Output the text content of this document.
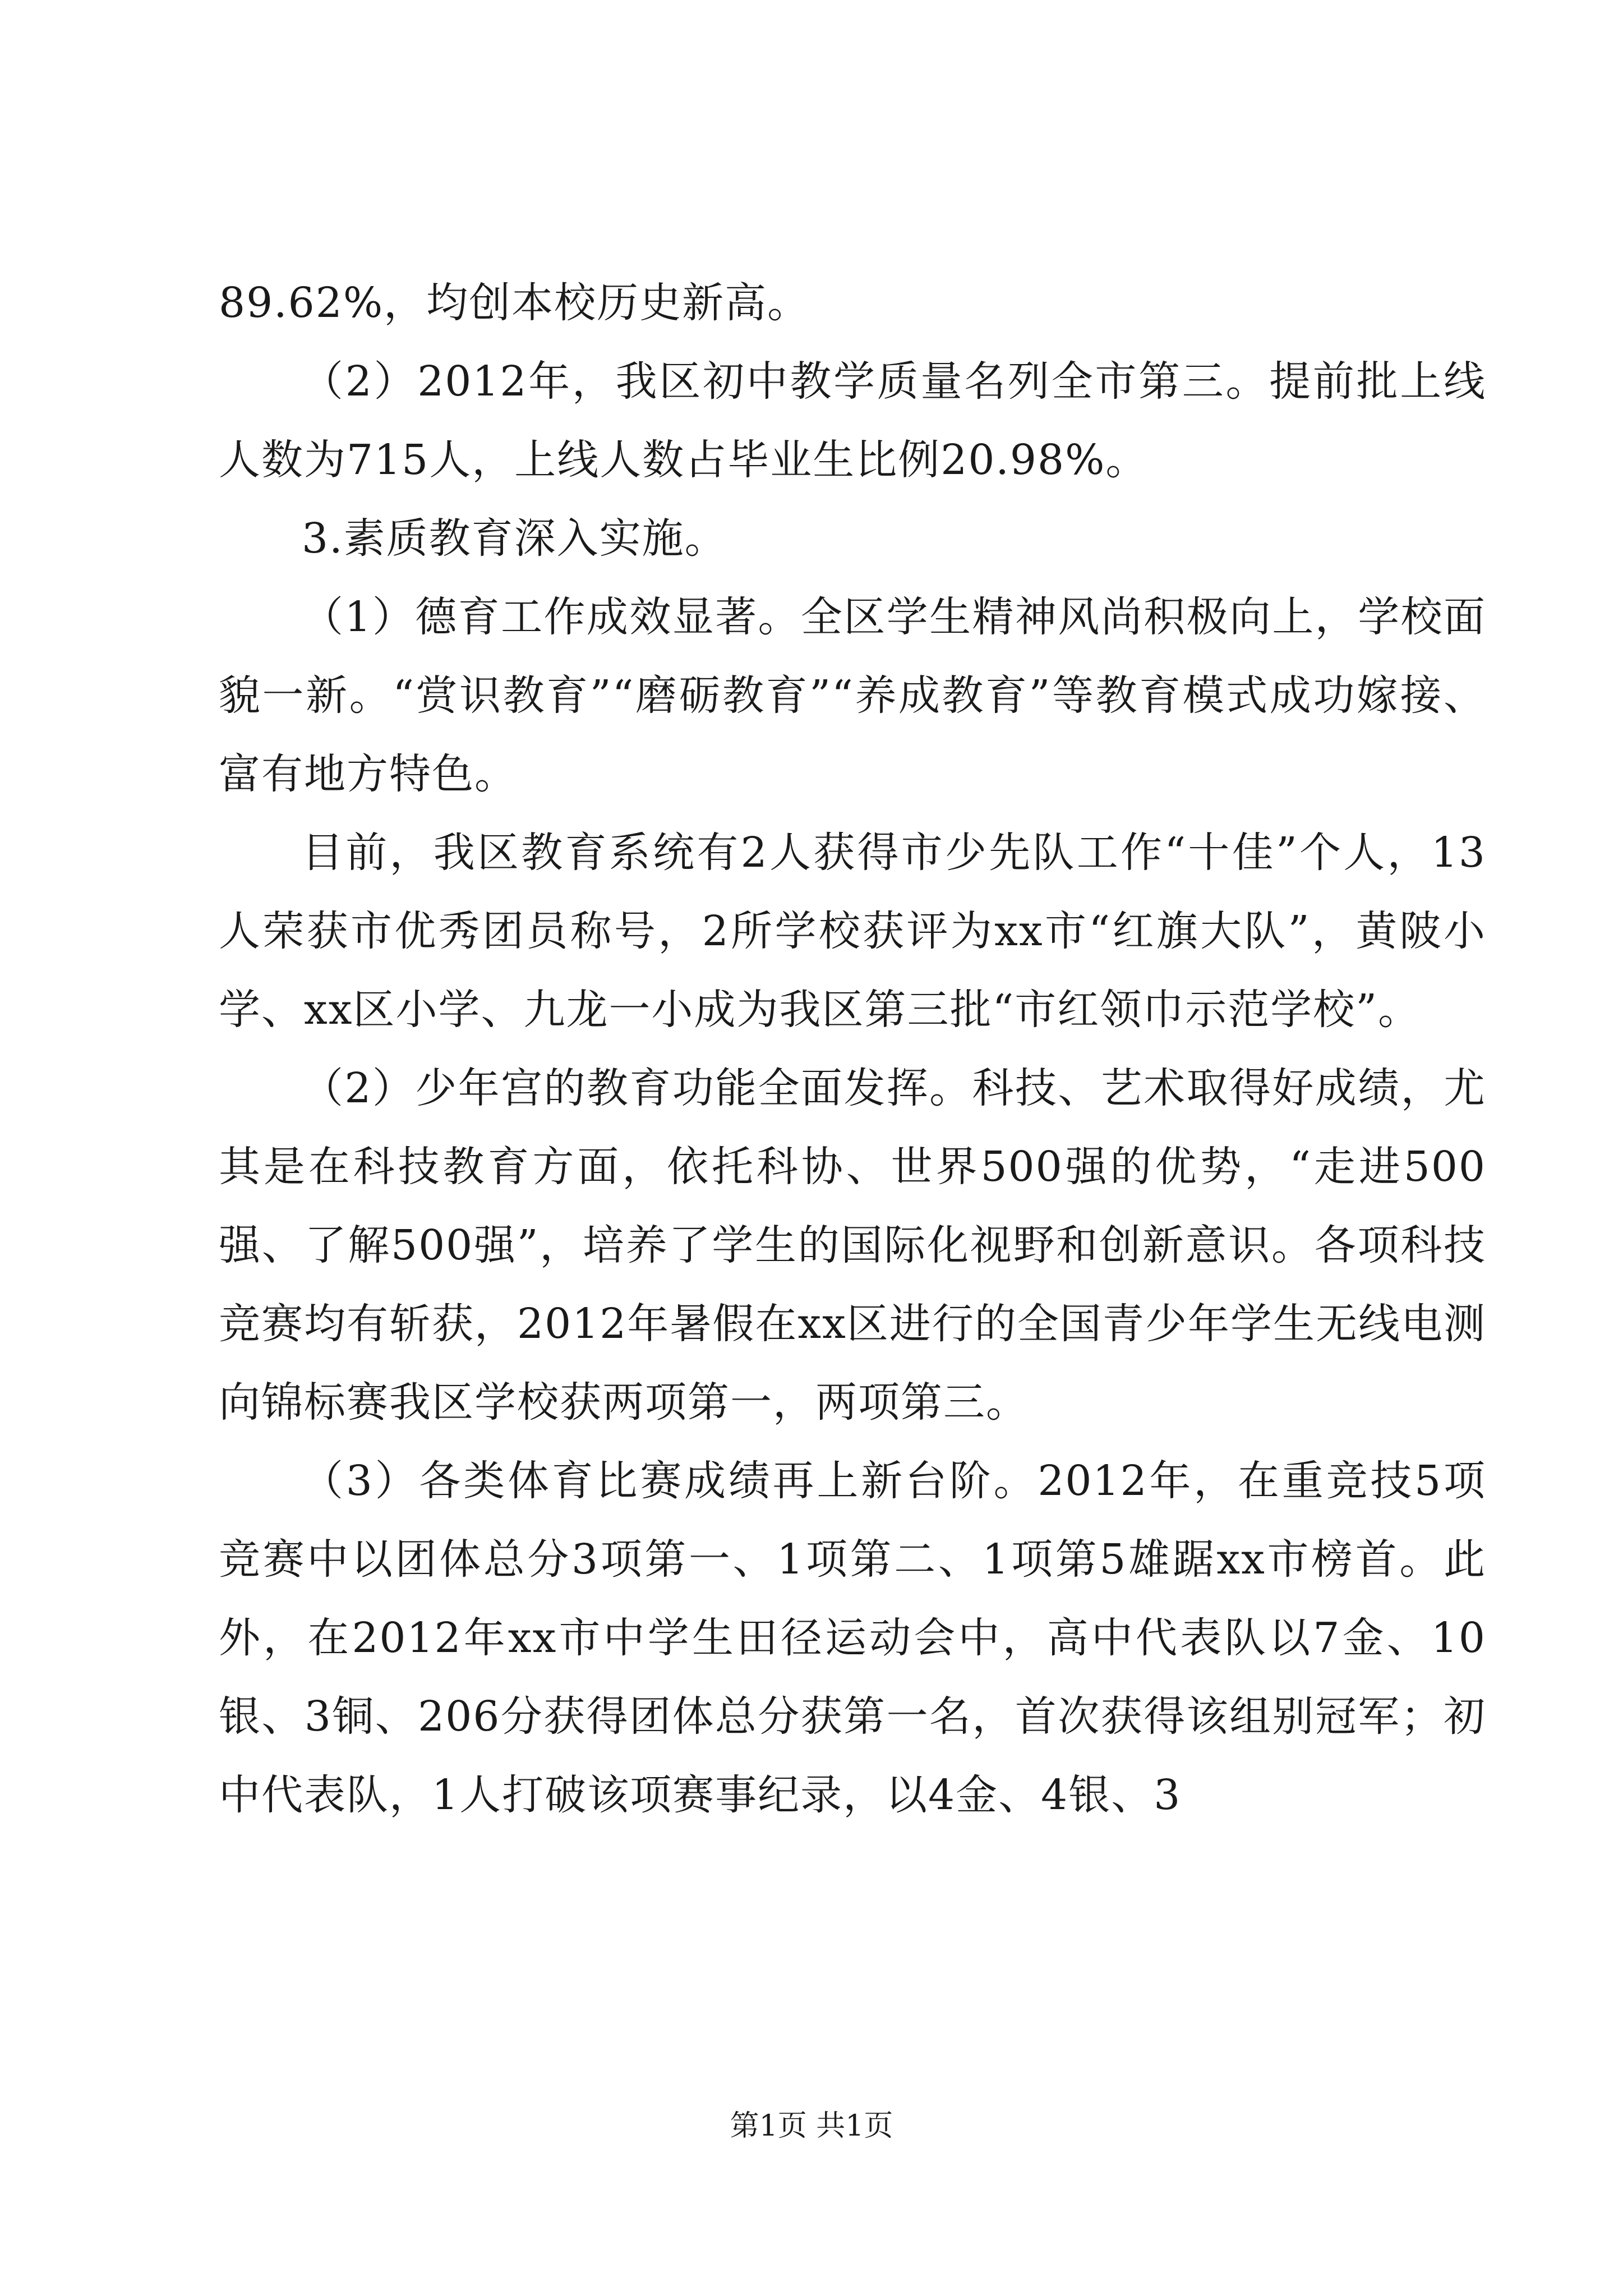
89.62%，均创本校历史新高。

（2）2012年，我区初中教学质量名列全市第三。提前批上线人数为715人，上线人数占毕业生比例20.98%。

3.素质教育深入实施。

（1）德育工作成效显著。全区学生精神风尚积极向上，学校面貌一新。“赏识教育”“磨砺教育”“养成教育”等教育模式成功嫁接、富有地方特色。

目前，我区教育系统有2人获得市少先队工作“十佳”个人，13人荣获市优秀团员称号，2所学校获评为xx市“红旗大队”，黄陂小学、xx区小学、九龙一小成为我区第三批“市红领巾示范学校”。

（2）少年宫的教育功能全面发挥。科技、艺术取得好成绩，尤其是在科技教育方面，依托科协、世界500强的优势，“走进500强、了解500强”，培养了学生的国际化视野和创新意识。各项科技竞赛均有斩获，2012年暑假在xx区进行的全国青少年学生无线电测向锦标赛我区学校获两项第一，两项第三。

（3）各类体育比赛成绩再上新台阶。2012年，在重竞技5项竞赛中以团体总分3项第一、1项第二、1项第5雄踞xx市榜首。此外，在2012年xx市中学生田径运动会中，高中代表队以7金、10银、3铜、206分获得团体总分获第一名，首次获得该组别冠军；初中代表队，1人打破该项赛事纪录，以4金、4银、3

第1页 共1页
